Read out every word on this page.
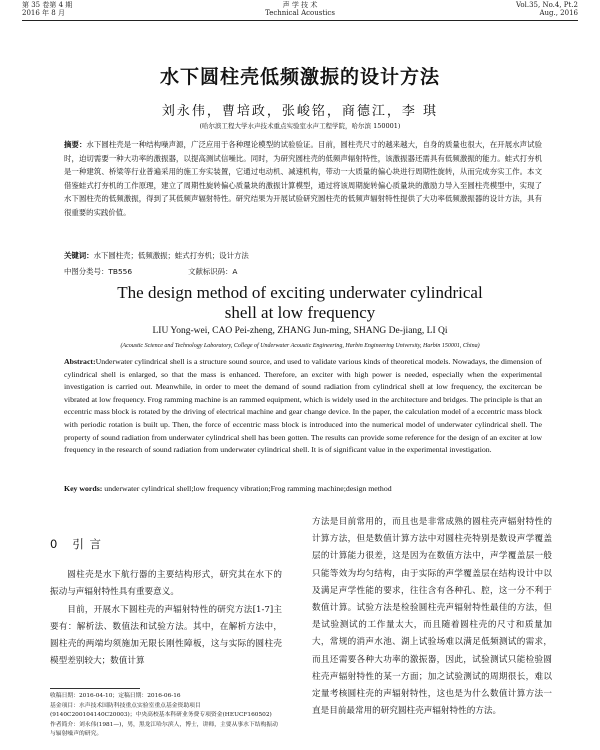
第 35 卷第 4 期
2016 年 8 月
声 学 技 术
Technical Acoustics
Vol.35, No.4, Pt.2
Aug., 2016
水下圆柱壳低频激振的设计方法
刘永伟，曹培政，张峻铭，商德江，李 琪
(哈尔滨工程大学水声技术重点实验室水声工程学院，哈尔滨 150001)
摘要：水下圆柱壳是一种结构噪声源，广泛应用于各种理论模型的试验验证。目前，圆柱壳尺寸的越来越大，自身的质量也很大，在开展水声试验时，迫切需要一种大功率的激振器，以提高测试信噪比。同时，为研究圆柱壳的低频声辐射特性，该激振器还需具有低频激振的能力。蛙式打夯机是一种建筑、桥梁等行业普遍采用的施工夯实装置，它通过电动机、减速机构，带动一大质量的偏心块进行周期性旋转，从而完成夯实工作。本文借鉴蛙式打夯机的工作原理，建立了周期性旋转偏心质量块的激振计算模型，通过将该周期旋转偏心质量块的激励力导入至圆柱壳模型中，实现了水下圆柱壳的低频激振，得到了其低频声辐射特性。研究结果为开展试验研究圆柱壳的低频声辐射特性提供了大功率低频激振器的设计方法，具有很重要的实践价值。
关键词：水下圆柱壳；低频激振；蛙式打夯机；设计方法
中图分类号：TB556	文献标识码：A
The design method of exciting underwater cylindrical
shell at low frequency
LIU Yong-wei, CAO Pei-zheng, ZHANG Jun-ming, SHANG De-jiang, LI Qi
(Acoustic Science and Technology Laboratory, College of Underwater Acoustic Engineering, Harbin Engineering University, Harbin 150001, China)
Abstract:Underwater cylindrical shell is a structure sound source, and used to validate various kinds of theoretical models. Nowadays, the dimension of cylindrical shell is enlarged, so that the mass is enhanced. Therefore, an exciter with high power is needed, especially when the experimental investigation is carried out. Meanwhile, in order to meet the demand of sound radiation from cylindrical shell at low frequency, the excitercan be vibrated at low frequency. Frog ramming machine is an rammed equipment, which is widely used in the architecture and bridges. The principle is that an eccentric mass block is rotated by the driving of electrical machine and gear change device. In the paper, the calculation model of a eccentric mass block with periodic rotation is built up. Then, the force of eccentric mass block is introduced into the numerical model of underwater cylindrical shell. The property of sound radiation from underwater cylindrical shell has been gotten. The results can provide some reference for the design of an exciter at low frequency in the research of sound radiation from underwater cylindrical shell. It is of significant value in the experimental investigation.
Key words: underwater cylindrical shell;low frequency vibration;Frog ramming machine;design method
0 引 言

圆柱壳是水下航行器的主要结构形式，研究其在水下的振动与声辐射特性具有重要意义。

目前，开展水下圆柱壳的声辐射特性的研究方法[1-7]主要有：解析法、数值法和试验方法。其中，在解析方法中，圆柱壳的两端均须施加无限长刚性障板，这与实际的圆柱壳模型差别较大；数值计算

方法是目前常用的，而且也是非常成熟的圆柱壳声辐射特性的计算方法，但是数值计算方法中对圆柱壳特别是数设声学覆盖层的计算能力很差，这是因为在数值方法中，声学覆盖层一般只能等效为均匀结构，由于实际的声学覆盖层在结构设计中以及满足声学性能的要求，往往含有各种孔、腔，这一分不利于数值计算。试验方法是检验圆柱壳声辐射特性最佳的方法，但是试验测试的工作量太大，而且随着圆柱壳的尺寸和质量加大，常规的消声水池、湖上试验场难以满足低频测试的需求，而且还需要各种大功率的激振器，因此，试验测试只能检验圆柱壳声辐射特性的某一方面；加之试验测试的周期很长，难以定量考核圆柱壳的声辐射特性，这也是为什么数值计算方法一直是目前最常用的研究圆柱壳声辐射特性的方法。

收稿日期：2016-04-10；定稿日期：2016-06-16
基金项目：水声技术国防科技重点实验室重点基金资助项目(9140C200104140C20003)；中央高校基本科研业务费专项资金(HEUCF160502)
作者简介：刘永伟(1981—)，男，黑龙江哈尔滨人，博士，讲师，主要从事水下结构振动与辐射噪声的研究。
